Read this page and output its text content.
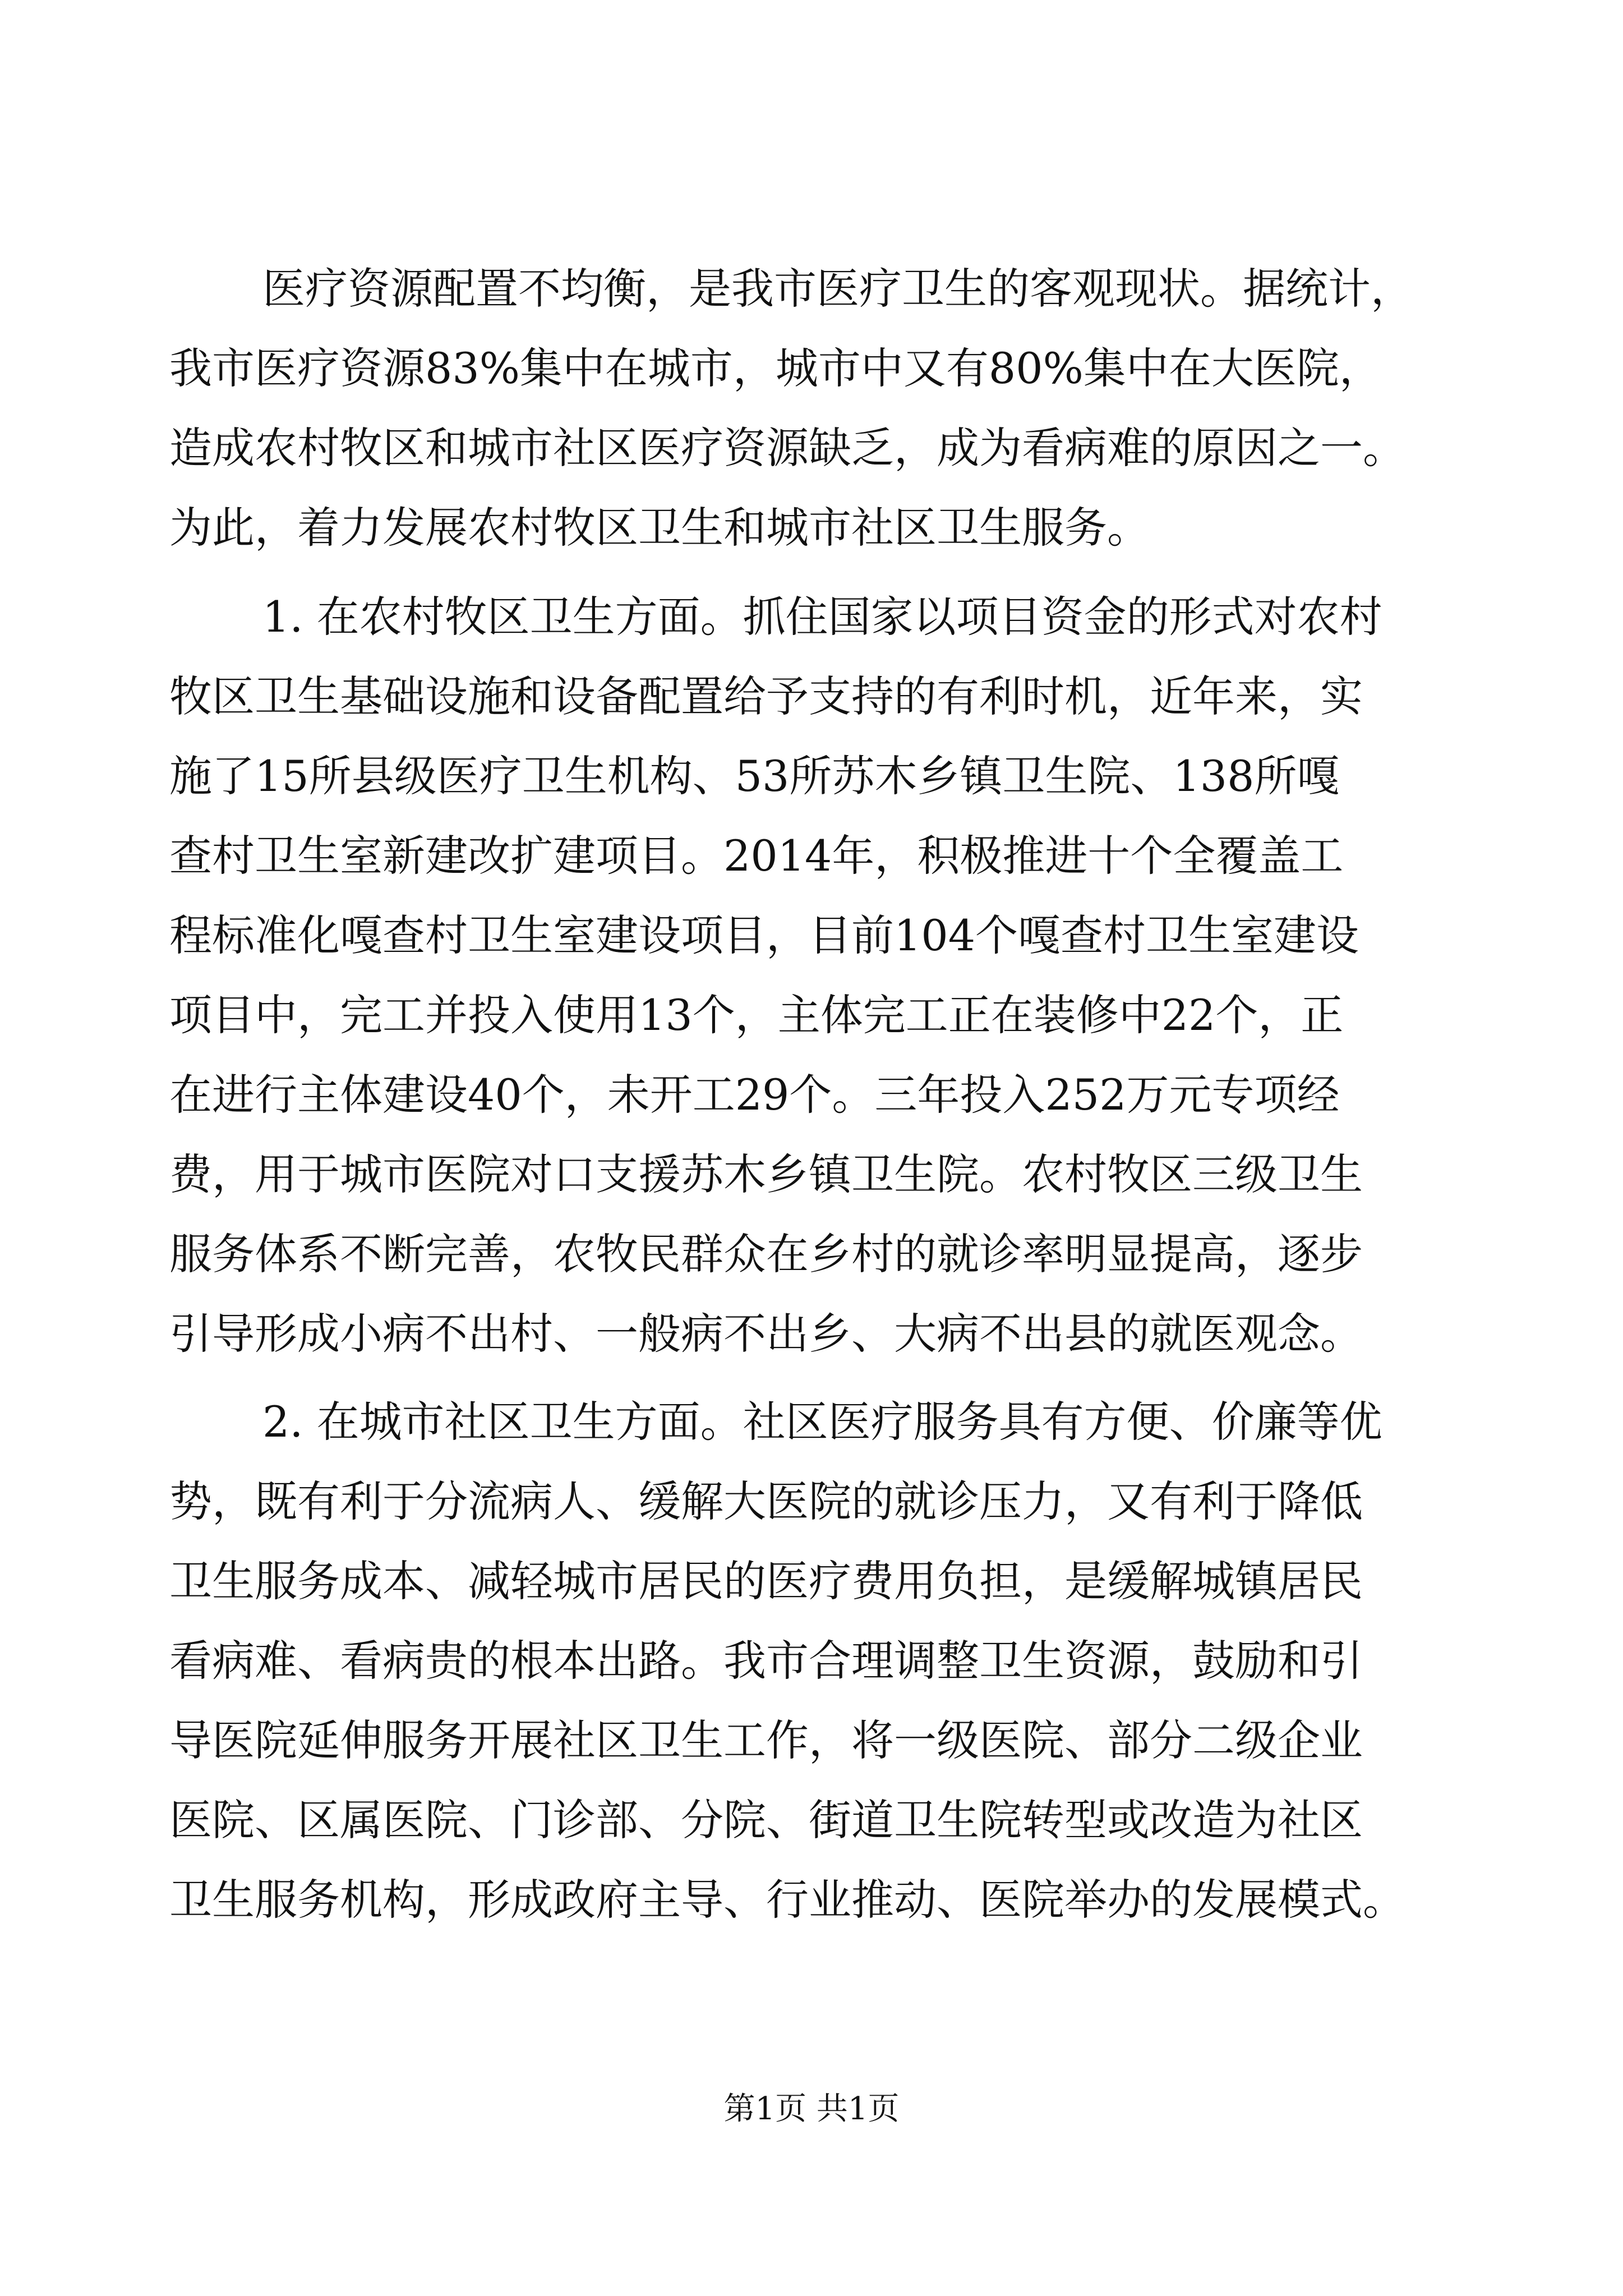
医疗资源配置不均衡，是我市医疗卫生的客观现状。据统计，
我市医疗资源83%集中在城市，城市中又有80%集中在大医院，
造成农村牧区和城市社区医疗资源缺乏，成为看病难的原因之一。
为此，着力发展农村牧区卫生和城市社区卫生服务。
1. 在农村牧区卫生方面。抓住国家以项目资金的形式对农村
牧区卫生基础设施和设备配置给予支持的有利时机，近年来，实
施了15所县级医疗卫生机构、53所苏木乡镇卫生院、138所嘎
查村卫生室新建改扩建项目。2014年，积极推进十个全覆盖工
程标准化嘎查村卫生室建设项目，目前104个嘎查村卫生室建设
项目中，完工并投入使用13个，主体完工正在装修中22个，正
在进行主体建设40个，未开工29个。三年投入252万元专项经
费，用于城市医院对口支援苏木乡镇卫生院。农村牧区三级卫生
服务体系不断完善，农牧民群众在乡村的就诊率明显提高，逐步
引导形成小病不出村、一般病不出乡、大病不出县的就医观念。
2. 在城市社区卫生方面。社区医疗服务具有方便、价廉等优
势，既有利于分流病人、缓解大医院的就诊压力，又有利于降低
卫生服务成本、减轻城市居民的医疗费用负担，是缓解城镇居民
看病难、看病贵的根本出路。我市合理调整卫生资源，鼓励和引
导医院延伸服务开展社区卫生工作，将一级医院、部分二级企业
医院、区属医院、门诊部、分院、街道卫生院转型或改造为社区
卫生服务机构，形成政府主导、行业推动、医院举办的发展模式。
第1页 共1页
